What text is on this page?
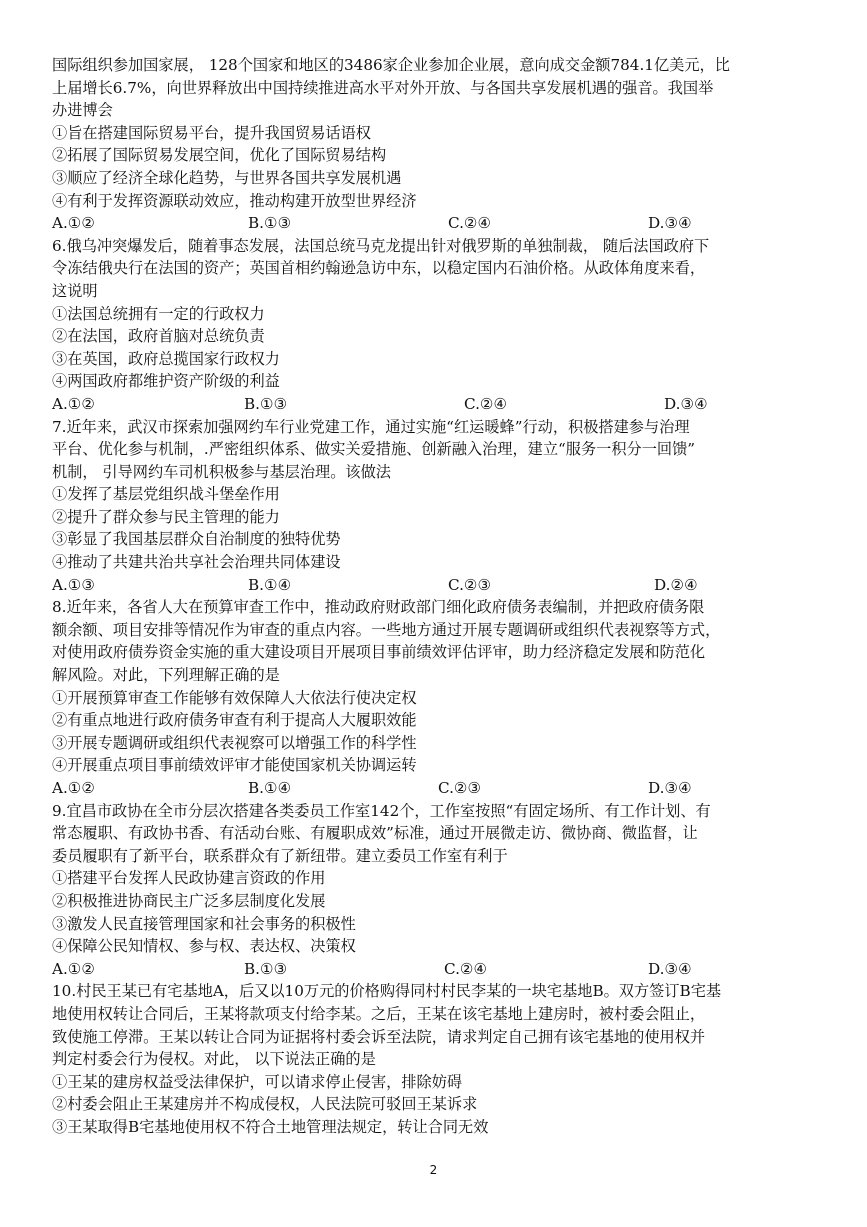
国际组织参加国家展， 128个国家和地区的3486家企业参加企业展，意向成交金额784.1亿美元，比
上届增长6.7%，向世界释放出中国持续推进高水平对外开放、与各国共享发展机遇的强音。我国举
办进博会
①旨在搭建国际贸易平台，提升我国贸易话语权
②拓展了国际贸易发展空间，优化了国际贸易结构
③顺应了经济全球化趋势，与世界各国共享发展机遇
④有利于发挥资源联动效应，推动构建开放型世界经济
A.①②	B.①③	C.②④	D.③④
6.俄乌冲突爆发后，随着事态发展，法国总统马克龙提出针对俄罗斯的单独制裁， 随后法国政府下
令冻结俄央行在法国的资产；英国首相约翰逊急访中东，以稳定国内石油价格。从政体角度来看，
这说明
①法国总统拥有一定的行政权力
②在法国，政府首脑对总统负责
③在英国，政府总揽国家行政权力
④两国政府都维护资产阶级的利益
A.①②	B.①③	C.②④	D.③④
7.近年来，武汉市探索加强网约车行业党建工作，通过实施“红运暖蜂”行动，积极搭建参与治理
平台、优化参与机制，.严密组织体系、做实关爱措施、创新融入治理，建立“服务一积分一回馈”
机制， 引导网约车司机积极参与基层治理。该做法
①发挥了基层党组织战斗堡垒作用
②提升了群众参与民主管理的能力
③彰显了我国基层群众自治制度的独特优势
④推动了共建共治共享社会治理共同体建设
A.①③	B.①④	C.②③	D.②④
8.近年来，各省人大在预算审查工作中，推动政府财政部门细化政府债务表编制，并把政府债务限
额余额、项目安排等情况作为审查的重点内容。一些地方通过开展专题调研或组织代表视察等方式，
对使用政府债券资金实施的重大建设项目开展项目事前绩效评估评审，助力经济稳定发展和防范化
解风险。对此，下列理解正确的是
①开展预算审查工作能够有效保障人大依法行使决定权
②有重点地进行政府债务审查有利于提高人大履职效能
③开展专题调研或组织代表视察可以增强工作的科学性
④开展重点项目事前绩效评审才能使国家机关协调运转
A.①②	B.①④	C.②③	D.③④
9.宜昌市政协在全市分层次搭建各类委员工作室142个，工作室按照“有固定场所、有工作计划、有
常态履职、有政协书香、有活动台账、有履职成效”标准，通过开展微走访、微协商、微监督，让
委员履职有了新平台，联系群众有了新纽带。建立委员工作室有利于
①搭建平台发挥人民政协建言资政的作用
②积极推进协商民主广泛多层制度化发展
③激发人民直接管理国家和社会事务的积极性
④保障公民知情权、参与权、表达权、决策权
A.①②	B.①③	C.②④	D.③④
10.村民王某已有宅基地A，后又以10万元的价格购得同村村民李某的一块宅基地B。双方签订B宅基
地使用权转让合同后，王某将款项支付给李某。之后，王某在该宅基地上建房时，被村委会阻止，
致使施工停滞。王某以转让合同为证据将村委会诉至法院，请求判定自己拥有该宅基地的使用权并
判定村委会行为侵权。对此， 以下说法正确的是
①王某的建房权益受法律保护，可以请求停止侵害，排除妨碍
②村委会阻止王某建房并不构成侵权，人民法院可驳回王某诉求
③王某取得B宅基地使用权不符合土地管理法规定，转让合同无效
2
